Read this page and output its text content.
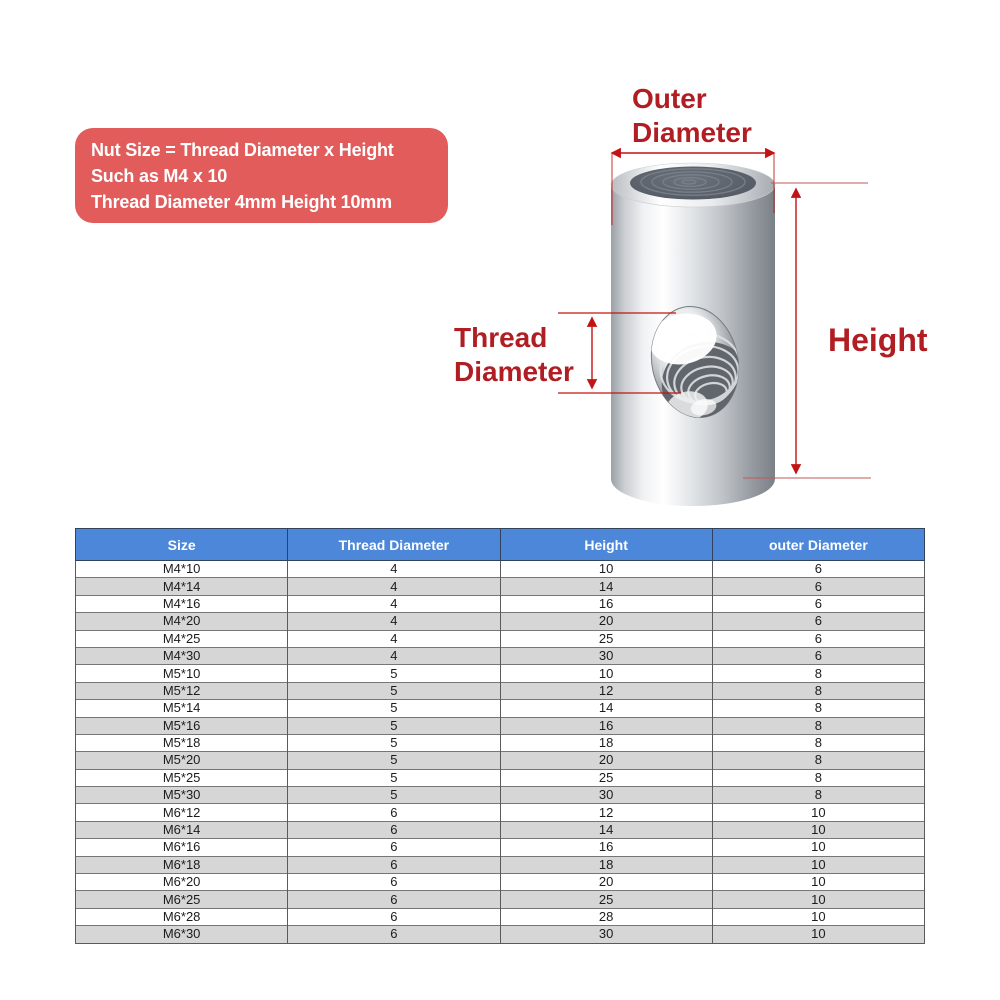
Nut Size = Thread Diameter x Height
Such as M4 x 10
Thread Diameter 4mm Height 10mm
Outer
Diameter
Height
Thread
Diameter
Size	Thread Diameter	Height	outer Diameter
M4*10	4	10	6
M4*14	4	14	6
M4*16	4	16	6
M4*20	4	20	6
M4*25	4	25	6
M4*30	4	30	6
M5*10	5	10	8
M5*12	5	12	8
M5*14	5	14	8
M5*16	5	16	8
M5*18	5	18	8
M5*20	5	20	8
M5*25	5	25	8
M5*30	5	30	8
M6*12	6	12	10
M6*14	6	14	10
M6*16	6	16	10
M6*18	6	18	10
M6*20	6	20	10
M6*25	6	25	10
M6*28	6	28	10
M6*30	6	30	10
